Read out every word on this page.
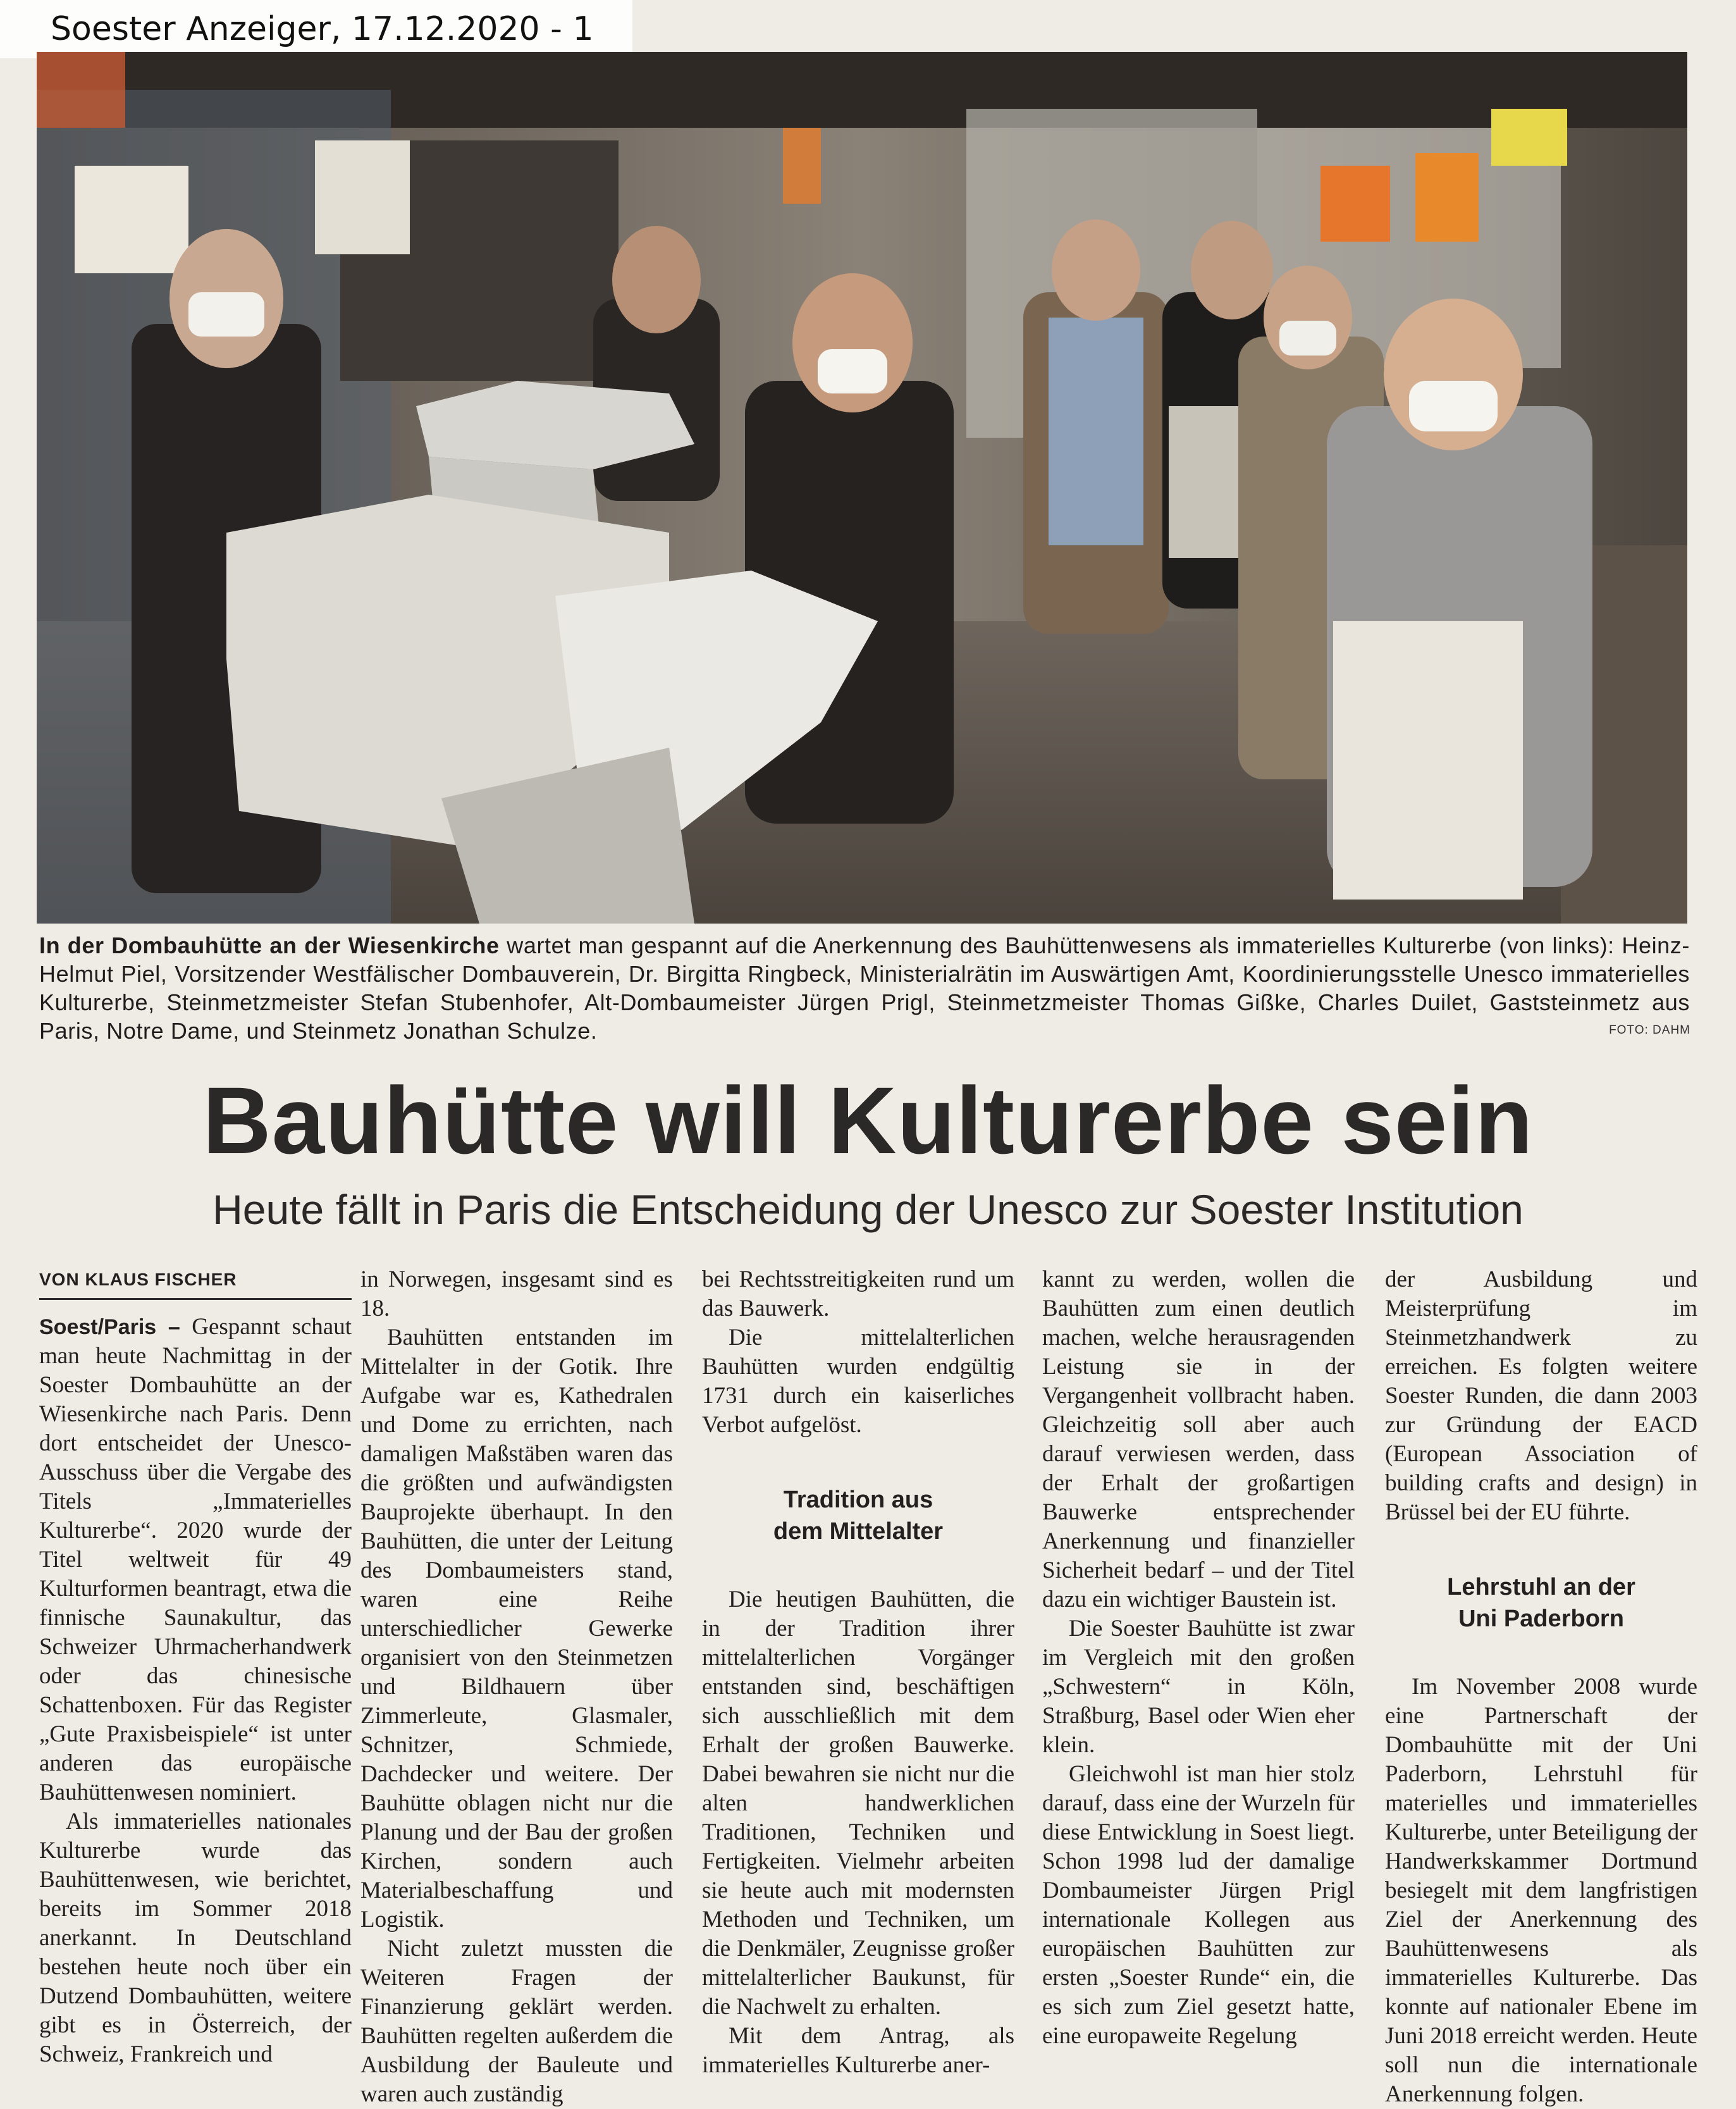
Soester Anzeiger, 17.12.2020 - 1
In der Dombauhütte an der Wiesenkirche wartet man gespannt auf die Anerkennung des Bauhüttenwesens als immaterielles Kulturerbe (von links): Heinz-Helmut Piel, Vorsitzender Westfälischer Dombauverein, Dr. Birgitta Ringbeck, Ministerialrätin im Auswärtigen Amt, Koordinierungsstelle Unesco immaterielles Kulturerbe, Steinmetzmeister Stefan Stubenhofer, Alt-Dombaumeister Jürgen Prigl, Steinmetzmeister Thomas Gißke, Charles Duilet, Gaststeinmetz aus Paris, Notre Dame, und Steinmetz Jonathan Schulze.	FOTO: DAHM
Bauhütte will Kulturerbe sein
Heute fällt in Paris die Entscheidung der Unesco zur Soester Institution
VON KLAUS FISCHER

Soest/Paris – Gespannt schaut man heute Nachmittag in der Soester Dombauhütte an der Wiesenkirche nach Paris. Denn dort entscheidet der Unesco-Ausschuss über die Vergabe des Titels „Immaterielles Kulturerbe“. 2020 wurde der Titel weltweit für 49 Kulturformen beantragt, etwa die finnische Saunakultur, das Schweizer Uhrmacherhandwerk oder das chinesische Schattenboxen. Für das Register „Gute Praxisbeispiele“ ist unter anderen das europäische Bauhüttenwesen nominiert.

Als immaterielles nationales Kulturerbe wurde das Bauhüttenwesen, wie berichtet, bereits im Sommer 2018 anerkannt. In Deutschland bestehen heute noch über ein Dutzend Dombauhütten, weitere gibt es in Österreich, der Schweiz, Frankreich und

in Norwegen, insgesamt sind es 18.

Bauhütten entstanden im Mittelalter in der Gotik. Ihre Aufgabe war es, Kathedralen und Dome zu errichten, nach damaligen Maßstäben waren das die größten und aufwändigsten Bauprojekte überhaupt. In den Bauhütten, die unter der Leitung des Dombaumeisters stand, waren eine Reihe unterschiedlicher Gewerke organisiert von den Steinmetzen und Bildhauern über Zimmerleute, Glasmaler, Schnitzer, Schmiede, Dachdecker und weitere. Der Bauhütte oblagen nicht nur die Planung und der Bau der großen Kirchen, sondern auch Materialbeschaffung und Logistik.

Nicht zuletzt mussten die Weiteren Fragen der Finanzierung geklärt werden. Bauhütten regelten außerdem die Ausbildung der Bauleute und waren auch zuständig

bei Rechtsstreitigkeiten rund um das Bauwerk.

Die mittelalterlichen Bauhütten wurden endgültig 1731 durch ein kaiserliches Verbot aufgelöst.

Tradition aus
dem Mittelalter

Die heutigen Bauhütten, die in der Tradition ihrer mittelalterlichen Vorgänger entstanden sind, beschäftigen sich ausschließlich mit dem Erhalt der großen Bauwerke. Dabei bewahren sie nicht nur die alten handwerklichen Traditionen, Techniken und Fertigkeiten. Vielmehr arbeiten sie heute auch mit modernsten Methoden und Techniken, um die Denkmäler, Zeugnisse großer mittelalterlicher Baukunst, für die Nachwelt zu erhalten.

Mit dem Antrag, als immaterielles Kulturerbe aner-

kannt zu werden, wollen die Bauhütten zum einen deutlich machen, welche herausragenden Leistung sie in der Vergangenheit vollbracht haben. Gleichzeitig soll aber auch darauf verwiesen werden, dass der Erhalt der großartigen Bauwerke entsprechender Anerkennung und finanzieller Sicherheit bedarf – und der Titel dazu ein wichtiger Baustein ist.

Die Soester Bauhütte ist zwar im Vergleich mit den großen „Schwestern“ in Köln, Straßburg, Basel oder Wien eher klein.

Gleichwohl ist man hier stolz darauf, dass eine der Wurzeln für diese Entwicklung in Soest liegt. Schon 1998 lud der damalige Dombaumeister Jürgen Prigl internationale Kollegen aus europäischen Bauhütten zur ersten „Soester Runde“ ein, die es sich zum Ziel gesetzt hatte, eine europaweite Regelung

der Ausbildung und Meisterprüfung im Steinmetzhandwerk zu erreichen. Es folgten weitere Soester Runden, die dann 2003 zur Gründung der EACD (European Association of building crafts and design) in Brüssel bei der EU führte.

Lehrstuhl an der
Uni Paderborn

Im November 2008 wurde eine Partnerschaft der Dombauhütte mit der Uni Paderborn, Lehrstuhl für materielles und immaterielles Kulturerbe, unter Beteiligung der Handwerkskammer Dortmund besiegelt mit dem langfristigen Ziel der Anerkennung des Bauhüttenwesens als immaterielles Kulturerbe. Das konnte auf nationaler Ebene im Juni 2018 erreicht werden. Heute soll nun die internationale Anerkennung folgen.
